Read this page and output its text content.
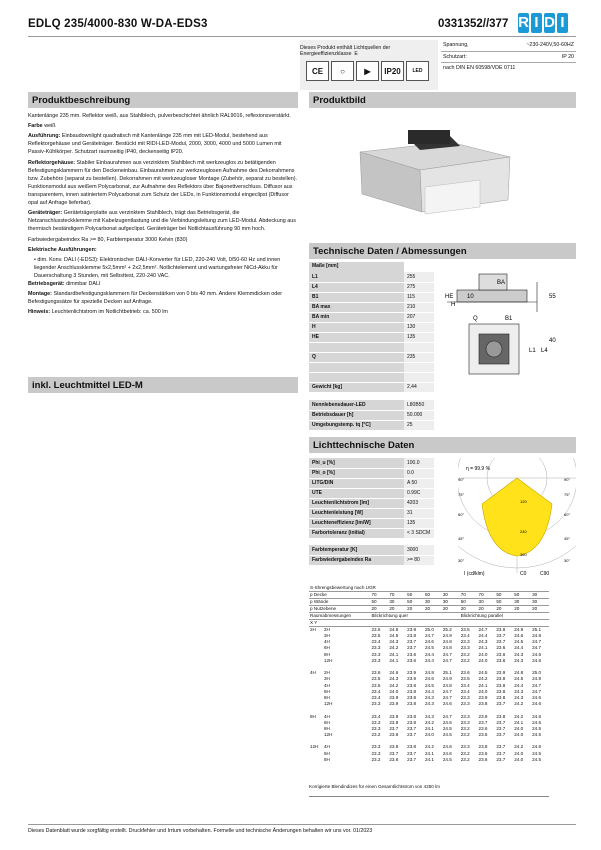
EDLQ 235/4000-830 W-DA-EDS3	0331352//377 R I D I
Dieses Produkt enthält Lichtquellen der Energieeffizienzklasse E
CE	○	▶	IP20	LED
Spannung,	~230-240V,50-60HZ
Schutzart:	IP 20
nach DIN EN 60598/VDE 0711
Produktbeschreibung	Produktbild
Technische Daten / Abmessungen
Lichttechnische Daten
inkl. Leuchtmittel LED-M

Kantenlänge 235 mm. Reflektor weiß, aus Stahlblech, pulverbeschichtet ähnlich RAL9016, reflexionsverstärkt.

Farbe weiß

Ausführung: Einbaudownlight quadratisch mit Kantenlänge 235 mm mit LED-Modul, bestehend aus Reflektorgehäuse und Geräteträger. Bestückt mit RIDI-LED-Modul, 2000, 3000, 4000 und 5000 Lumen mit Passiv-Kühlkörper. Schutzart raumseitig IP40, deckenseitig IP20.

Reflektorgehäuse: Stabiler Einbaurahmen aus verzinktem Stahlblech mit werkzeuglos zu betätigenden Befestigungsklammern für den Deckeneinbau. Einbaurahmen zur werkzeuglosen Aufnahme des Dekorrahmens bzw. Zubehörs (separat zu bestellen). Dekorrahmen mit werkzeugloser Montage (Zubehör, separat zu bestellen). Funktionsmodul aus weißem Polycarbonat, zur Aufnahme des Reflektors über Bajonettverschluss. Diffusor aus transparentem, innen satiniertem Polycarbonat zum Schutz der LEDs, in Funktionsmodul eingeclipst (Diffusor opal auf Anfrage lieferbar).

Geräteträger: Geräteträgerplatte aus verzinktem Stahlblech, trägt das Betriebsgerät, die Netzanschlussteckklemme mit Kabelzugentlastung und die Verbindungsleitung zum LED-Modul. Abdeckung aus thermisch beständigem Polycarbonat aufgeclipst. Geräteträger bei Notlichtausführung 90 mm hoch.

Farbwiedergabeindex Ra >= 80, Farbtemperatur 3000 Kelvin (830)

Elektrische Ausführungen:

• dim. Konv. DALI (-EDS3): Elektronischer DALI-Konverter für LED, 220-240 Volt, 0/50-60 Hz und innen liegender Anschlussklemme 5x2,5mm² + 2x2,5mm². Notlichtelement und wartungsfreier NiCd-Akku für Dauerschaltung 3 Stunden, mit Selbsttest, 220-240 VAC.

Betriebsgerät: dimmbar DALI

Montage: Standardbefestigungsklammern für Deckenstärken von 0 bis 40 mm. Andere Klemmdicken oder Befestigungssätze für spezielle Decken auf Anfrage.

Hinweis: Leuchtenlichtstrom im Notlichtbetrieb: ca. 500 lm

Maße [mm]
L1	255
L4	275
B1	115
BA max	210
BA min	207
H	130
HE	135

Q	235

Gewicht [kg]	2,44
BA
HE
H
Q	B1
L1 L4
10	55
40
Nennlebensdauer-LED	L80B50
Betriebsdauer [h]	50.000
Umgebungstemp. tq [°C]	25
Phi_u [%]	100.0
Phi_o [%]	0.0
LITG/DIN	A 50
UTE	0.99C
Leuchtenlichtstrom [lm]	4203
Leuchtenleistung [W]	31
Leuchteneffizienz [lm/W]	135
Farbortoleranz (initial)	< 3 SDCM
Farbtemperatur [K]	3000
Farbwiedergabeindex Ra	>= 80
η = 99.9 %
I (cd/klm)	C0	C90
120
240
360
90°
75°
60°
45°
30°
90°
75°
60°
45°
30°
S-Shrengsbewertung nach UGR											
p Decke		70	70	50	50	30	70	70	50	50	30
p Wände		50	30	50	30	30	50	30	50	30	30
p Nutzebene		20	20	20	20	20	20	20	20	20	20
Raumabmessungen		Blickrichtung quer					Blickrichtung parallel				
X Y											
2H	2H	23.6	24.8	23.9	25.0	25.2	23.5	24.7	23.8	24.9	25.1
	3H	23.5	24.5	23.8	24.7	24.9	23.4	24.4	23.7	24.6	24.8
	4H	23.4	24.3	23.7	24.6	24.8	23.3	24.3	23.7	24.5	24.7
	6H	23.3	24.2	23.7	24.5	24.8	23.3	24.1	23.6	24.4	24.7
	8H	23.3	24.1	23.6	24.4	24.7	23.2	24.0	23.6	24.3	24.6
	12H	23.3	24.1	23.6	24.4	24.7	23.2	24.0	23.6	24.3	24.6

4H	2H	23.6	24.6	23.9	24.8	25.1	23.6	24.5	23.9	24.8	25.0
	3H	23.5	24.3	23.9	24.6	24.9	23.5	24.2	23.8	24.5	24.8
	4H	23.5	24.2	23.8	24.5	24.8	23.4	24.1	23.8	24.4	24.7
	6H	23.4	24.0	23.8	24.4	24.7	23.4	24.0	23.8	24.3	24.7
	8H	23.4	23.9	23.8	24.3	24.7	23.3	23.9	23.8	24.3	24.6
	12H	23.3	23.9	23.8	24.3	24.6	23.3	23.8	23.7	24.2	24.6

8H	4H	23.4	23.9	23.8	24.3	24.7	23.3	23.9	23.8	24.2	24.6
	6H	23.3	23.8	23.8	24.2	24.6	23.3	23.7	23.7	24.1	24.6
	8H	23.3	23.7	23.7	24.1	24.5	23.2	23.6	23.7	24.0	24.5
	12H	23.2	23.6	23.7	24.0	24.5	23.2	23.5	23.7	24.0	24.5

12H	4H	23.3	23.8	23.8	24.2	24.6	23.3	23.8	23.7	24.2	24.6
	6H	23.3	23.7	23.7	24.1	24.6	23.2	23.6	23.7	24.0	24.5
	8H	23.2	23.6	23.7	24.1	24.5	23.2	23.6	23.7	24.0	24.5

Korrigierte Blendindizes für einen Gesamtlichtstrom von 4250 lm
Dieses Datenblatt wurde sorgfältig erstellt. Druckfehler und Irrtum vorbehalten. Formelle und technische Änderungen behalten wir uns vor. 01/2023
